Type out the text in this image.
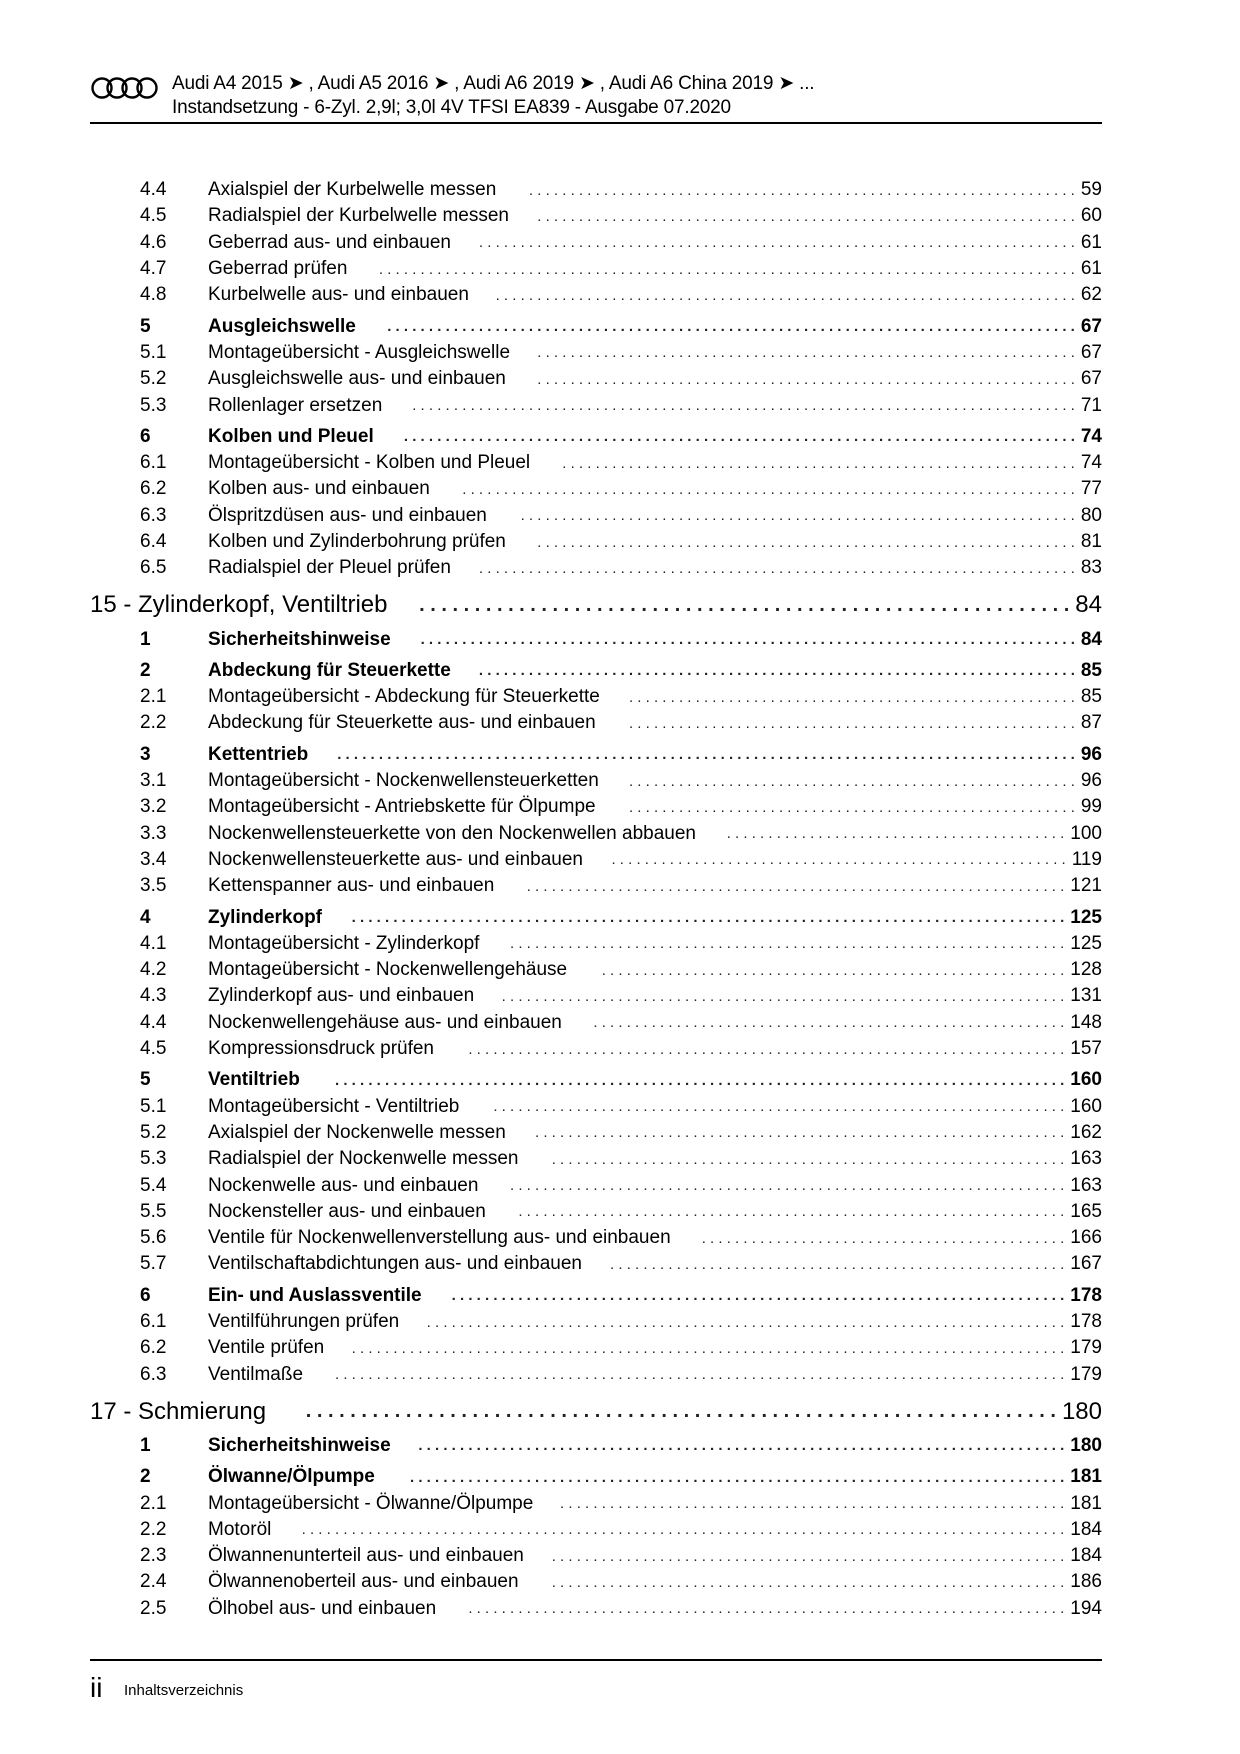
Audi A4 2015 ➤ , Audi A5 2016 ➤ , Audi A6 2019 ➤ , Audi A6 China 2019 ➤ ...
Instandsetzung - 6-Zyl. 2,9l; 3,0l 4V TFSI EA839 - Ausgabe 07.2020
4.4	Axialspiel der Kurbelwelle messen	. . . . . . . . . . . . . . . . . . . . . . . . . . . . . . . . . . . . . . . . . . . . . . . . . . . . . . . . . . . . . . . . . . 59
4.5	Radialspiel der Kurbelwelle messen	. . . . . . . . . . . . . . . . . . . . . . . . . . . . . . . . . . . . . . . . . . . . . . . . . . . . . . . . . . . . . . . . . 60
4.6	Geberrad aus- und einbauen	. . . . . . . . . . . . . . . . . . . . . . . . . . . . . . . . . . . . . . . . . . . . . . . . . . . . . . . . . . . . . . . . . . . . . . . . 61
4.7	Geberrad prüfen	. . . . . . . . . . . . . . . . . . . . . . . . . . . . . . . . . . . . . . . . . . . . . . . . . . . . . . . . . . . . . . . . . . . . . . . . . . . . . . . . . . . . 61
4.8	Kurbelwelle aus- und einbauen	. . . . . . . . . . . . . . . . . . . . . . . . . . . . . . . . . . . . . . . . . . . . . . . . . . . . . . . . . . . . . . . . . . . . . . 62
5	Ausgleichswelle	. . . . . . . . . . . . . . . . . . . . . . . . . . . . . . . . . . . . . . . . . . . . . . . . . . . . . . . . . . . . . . . . . . . . . . . . . . . . . . . . . . . 67
5.1	Montageübersicht - Ausgleichswelle	. . . . . . . . . . . . . . . . . . . . . . . . . . . . . . . . . . . . . . . . . . . . . . . . . . . . . . . . . . . . . . . . . 67
5.2	Ausgleichswelle aus- und einbauen	. . . . . . . . . . . . . . . . . . . . . . . . . . . . . . . . . . . . . . . . . . . . . . . . . . . . . . . . . . . . . . . . . 67
5.3	Rollenlager ersetzen	. . . . . . . . . . . . . . . . . . . . . . . . . . . . . . . . . . . . . . . . . . . . . . . . . . . . . . . . . . . . . . . . . . . . . . . . . . . . . . . . 71
6	Kolben und Pleuel	. . . . . . . . . . . . . . . . . . . . . . . . . . . . . . . . . . . . . . . . . . . . . . . . . . . . . . . . . . . . . . . . . . . . . . . . . . . . . . . . . 74
6.1	Montageübersicht - Kolben und Pleuel	. . . . . . . . . . . . . . . . . . . . . . . . . . . . . . . . . . . . . . . . . . . . . . . . . . . . . . . . . . . . . . 74
6.2	Kolben aus- und einbauen	. . . . . . . . . . . . . . . . . . . . . . . . . . . . . . . . . . . . . . . . . . . . . . . . . . . . . . . . . . . . . . . . . . . . . . . . . . 77
6.3	Ölspritzdüsen aus- und einbauen	. . . . . . . . . . . . . . . . . . . . . . . . . . . . . . . . . . . . . . . . . . . . . . . . . . . . . . . . . . . . . . . . . . . 80
6.4	Kolben und Zylinderbohrung prüfen	. . . . . . . . . . . . . . . . . . . . . . . . . . . . . . . . . . . . . . . . . . . . . . . . . . . . . . . . . . . . . . . . . 81
6.5	Radialspiel der Pleuel prüfen	. . . . . . . . . . . . . . . . . . . . . . . . . . . . . . . . . . . . . . . . . . . . . . . . . . . . . . . . . . . . . . . . . . . . . . . . 83
15 - Zylinderkopf, Ventiltrieb	. . . . . . . . . . . . . . . . . . . . . . . . . . . . . . . . . . . . . . . . . . . . . . . . . . . . . . . . . . . 84
1	Sicherheitshinweise	. . . . . . . . . . . . . . . . . . . . . . . . . . . . . . . . . . . . . . . . . . . . . . . . . . . . . . . . . . . . . . . . . . . . . . . . . . . . . . . 84
2	Abdeckung für Steuerkette	. . . . . . . . . . . . . . . . . . . . . . . . . . . . . . . . . . . . . . . . . . . . . . . . . . . . . . . . . . . . . . . . . . . . . . . . 85
2.1	Montageübersicht - Abdeckung für Steuerkette	. . . . . . . . . . . . . . . . . . . . . . . . . . . . . . . . . . . . . . . . . . . . . . . . . . . . . . 85
2.2	Abdeckung für Steuerkette aus- und einbauen	. . . . . . . . . . . . . . . . . . . . . . . . . . . . . . . . . . . . . . . . . . . . . . . . . . . . . . 87
3	Kettentrieb	. . . . . . . . . . . . . . . . . . . . . . . . . . . . . . . . . . . . . . . . . . . . . . . . . . . . . . . . . . . . . . . . . . . . . . . . . . . . . . . . . . . . . . . . . 96
3.1	Montageübersicht - Nockenwellensteuerketten	. . . . . . . . . . . . . . . . . . . . . . . . . . . . . . . . . . . . . . . . . . . . . . . . . . . . . . 96
3.2	Montageübersicht - Antriebskette für Ölpumpe	. . . . . . . . . . . . . . . . . . . . . . . . . . . . . . . . . . . . . . . . . . . . . . . . . . . . . . 99
3.3	Nockenwellensteuerkette von den Nockenwellen abbauen	. . . . . . . . . . . . . . . . . . . . . . . . . . . . . . . . . . . . . . . . . 100
3.4	Nockenwellensteuerkette aus- und einbauen	. . . . . . . . . . . . . . . . . . . . . . . . . . . . . . . . . . . . . . . . . . . . . . . . . . . . . . . 119
3.5	Kettenspanner aus- und einbauen	. . . . . . . . . . . . . . . . . . . . . . . . . . . . . . . . . . . . . . . . . . . . . . . . . . . . . . . . . . . . . . . . . 121
4	Zylinderkopf	. . . . . . . . . . . . . . . . . . . . . . . . . . . . . . . . . . . . . . . . . . . . . . . . . . . . . . . . . . . . . . . . . . . . . . . . . . . . . . . . . . . . . . 125
4.1	Montageübersicht - Zylinderkopf	. . . . . . . . . . . . . . . . . . . . . . . . . . . . . . . . . . . . . . . . . . . . . . . . . . . . . . . . . . . . . . . . . . . 125
4.2	Montageübersicht - Nockenwellengehäuse	. . . . . . . . . . . . . . . . . . . . . . . . . . . . . . . . . . . . . . . . . . . . . . . . . . . . . . . . 128
4.3	Zylinderkopf aus- und einbauen	. . . . . . . . . . . . . . . . . . . . . . . . . . . . . . . . . . . . . . . . . . . . . . . . . . . . . . . . . . . . . . . . . . . . 131
4.4	Nockenwellengehäuse aus- und einbauen	. . . . . . . . . . . . . . . . . . . . . . . . . . . . . . . . . . . . . . . . . . . . . . . . . . . . . . . . . 148
4.5	Kompressionsdruck prüfen	. . . . . . . . . . . . . . . . . . . . . . . . . . . . . . . . . . . . . . . . . . . . . . . . . . . . . . . . . . . . . . . . . . . . . . . . 157
5	Ventiltrieb	. . . . . . . . . . . . . . . . . . . . . . . . . . . . . . . . . . . . . . . . . . . . . . . . . . . . . . . . . . . . . . . . . . . . . . . . . . . . . . . . . . . . . . . . 160
5.1	Montageübersicht - Ventiltrieb	. . . . . . . . . . . . . . . . . . . . . . . . . . . . . . . . . . . . . . . . . . . . . . . . . . . . . . . . . . . . . . . . . . . . . 160
5.2	Axialspiel der Nockenwelle messen	. . . . . . . . . . . . . . . . . . . . . . . . . . . . . . . . . . . . . . . . . . . . . . . . . . . . . . . . . . . . . . . . 162
5.3	Radialspiel der Nockenwelle messen	. . . . . . . . . . . . . . . . . . . . . . . . . . . . . . . . . . . . . . . . . . . . . . . . . . . . . . . . . . . . . . 163
5.4	Nockenwelle aus- und einbauen	. . . . . . . . . . . . . . . . . . . . . . . . . . . . . . . . . . . . . . . . . . . . . . . . . . . . . . . . . . . . . . . . . . . 163
5.5	Nockensteller aus- und einbauen	. . . . . . . . . . . . . . . . . . . . . . . . . . . . . . . . . . . . . . . . . . . . . . . . . . . . . . . . . . . . . . . . . . 165
5.6	Ventile für Nockenwellenverstellung aus- und einbauen	. . . . . . . . . . . . . . . . . . . . . . . . . . . . . . . . . . . . . . . . . . . . 166
5.7	Ventilschaftabdichtungen aus- und einbauen	. . . . . . . . . . . . . . . . . . . . . . . . . . . . . . . . . . . . . . . . . . . . . . . . . . . . . . . 167
6	Ein- und Auslassventile	. . . . . . . . . . . . . . . . . . . . . . . . . . . . . . . . . . . . . . . . . . . . . . . . . . . . . . . . . . . . . . . . . . . . . . . . . . 178
6.1	Ventilführungen prüfen	. . . . . . . . . . . . . . . . . . . . . . . . . . . . . . . . . . . . . . . . . . . . . . . . . . . . . . . . . . . . . . . . . . . . . . . . . . . . . 178
6.2	Ventile prüfen	. . . . . . . . . . . . . . . . . . . . . . . . . . . . . . . . . . . . . . . . . . . . . . . . . . . . . . . . . . . . . . . . . . . . . . . . . . . . . . . . . . . . . . 179
6.3	Ventilmaße	. . . . . . . . . . . . . . . . . . . . . . . . . . . . . . . . . . . . . . . . . . . . . . . . . . . . . . . . . . . . . . . . . . . . . . . . . . . . . . . . . . . . . . . . 179
17 - Schmierung	. . . . . . . . . . . . . . . . . . . . . . . . . . . . . . . . . . . . . . . . . . . . . . . . . . . . . . . . . . . . . . . . . . . . 180
1	Sicherheitshinweise	. . . . . . . . . . . . . . . . . . . . . . . . . . . . . . . . . . . . . . . . . . . . . . . . . . . . . . . . . . . . . . . . . . . . . . . . . . . . . . 180
2	Ölwanne/Ölpumpe	. . . . . . . . . . . . . . . . . . . . . . . . . . . . . . . . . . . . . . . . . . . . . . . . . . . . . . . . . . . . . . . . . . . . . . . . . . . . . . . 181
2.1	Montageübersicht - Ölwanne/Ölpumpe	. . . . . . . . . . . . . . . . . . . . . . . . . . . . . . . . . . . . . . . . . . . . . . . . . . . . . . . . . . . . . 181
2.2	Motoröl	. . . . . . . . . . . . . . . . . . . . . . . . . . . . . . . . . . . . . . . . . . . . . . . . . . . . . . . . . . . . . . . . . . . . . . . . . . . . . . . . . . . . . . . . . . . . 184
2.3	Ölwannenunterteil aus- und einbauen	. . . . . . . . . . . . . . . . . . . . . . . . . . . . . . . . . . . . . . . . . . . . . . . . . . . . . . . . . . . . . . 184
2.4	Ölwannenoberteil aus- und einbauen	. . . . . . . . . . . . . . . . . . . . . . . . . . . . . . . . . . . . . . . . . . . . . . . . . . . . . . . . . . . . . . 186
2.5	Ölhobel aus- und einbauen	. . . . . . . . . . . . . . . . . . . . . . . . . . . . . . . . . . . . . . . . . . . . . . . . . . . . . . . . . . . . . . . . . . . . . . . . 194
ii Inhaltsverzeichnis
